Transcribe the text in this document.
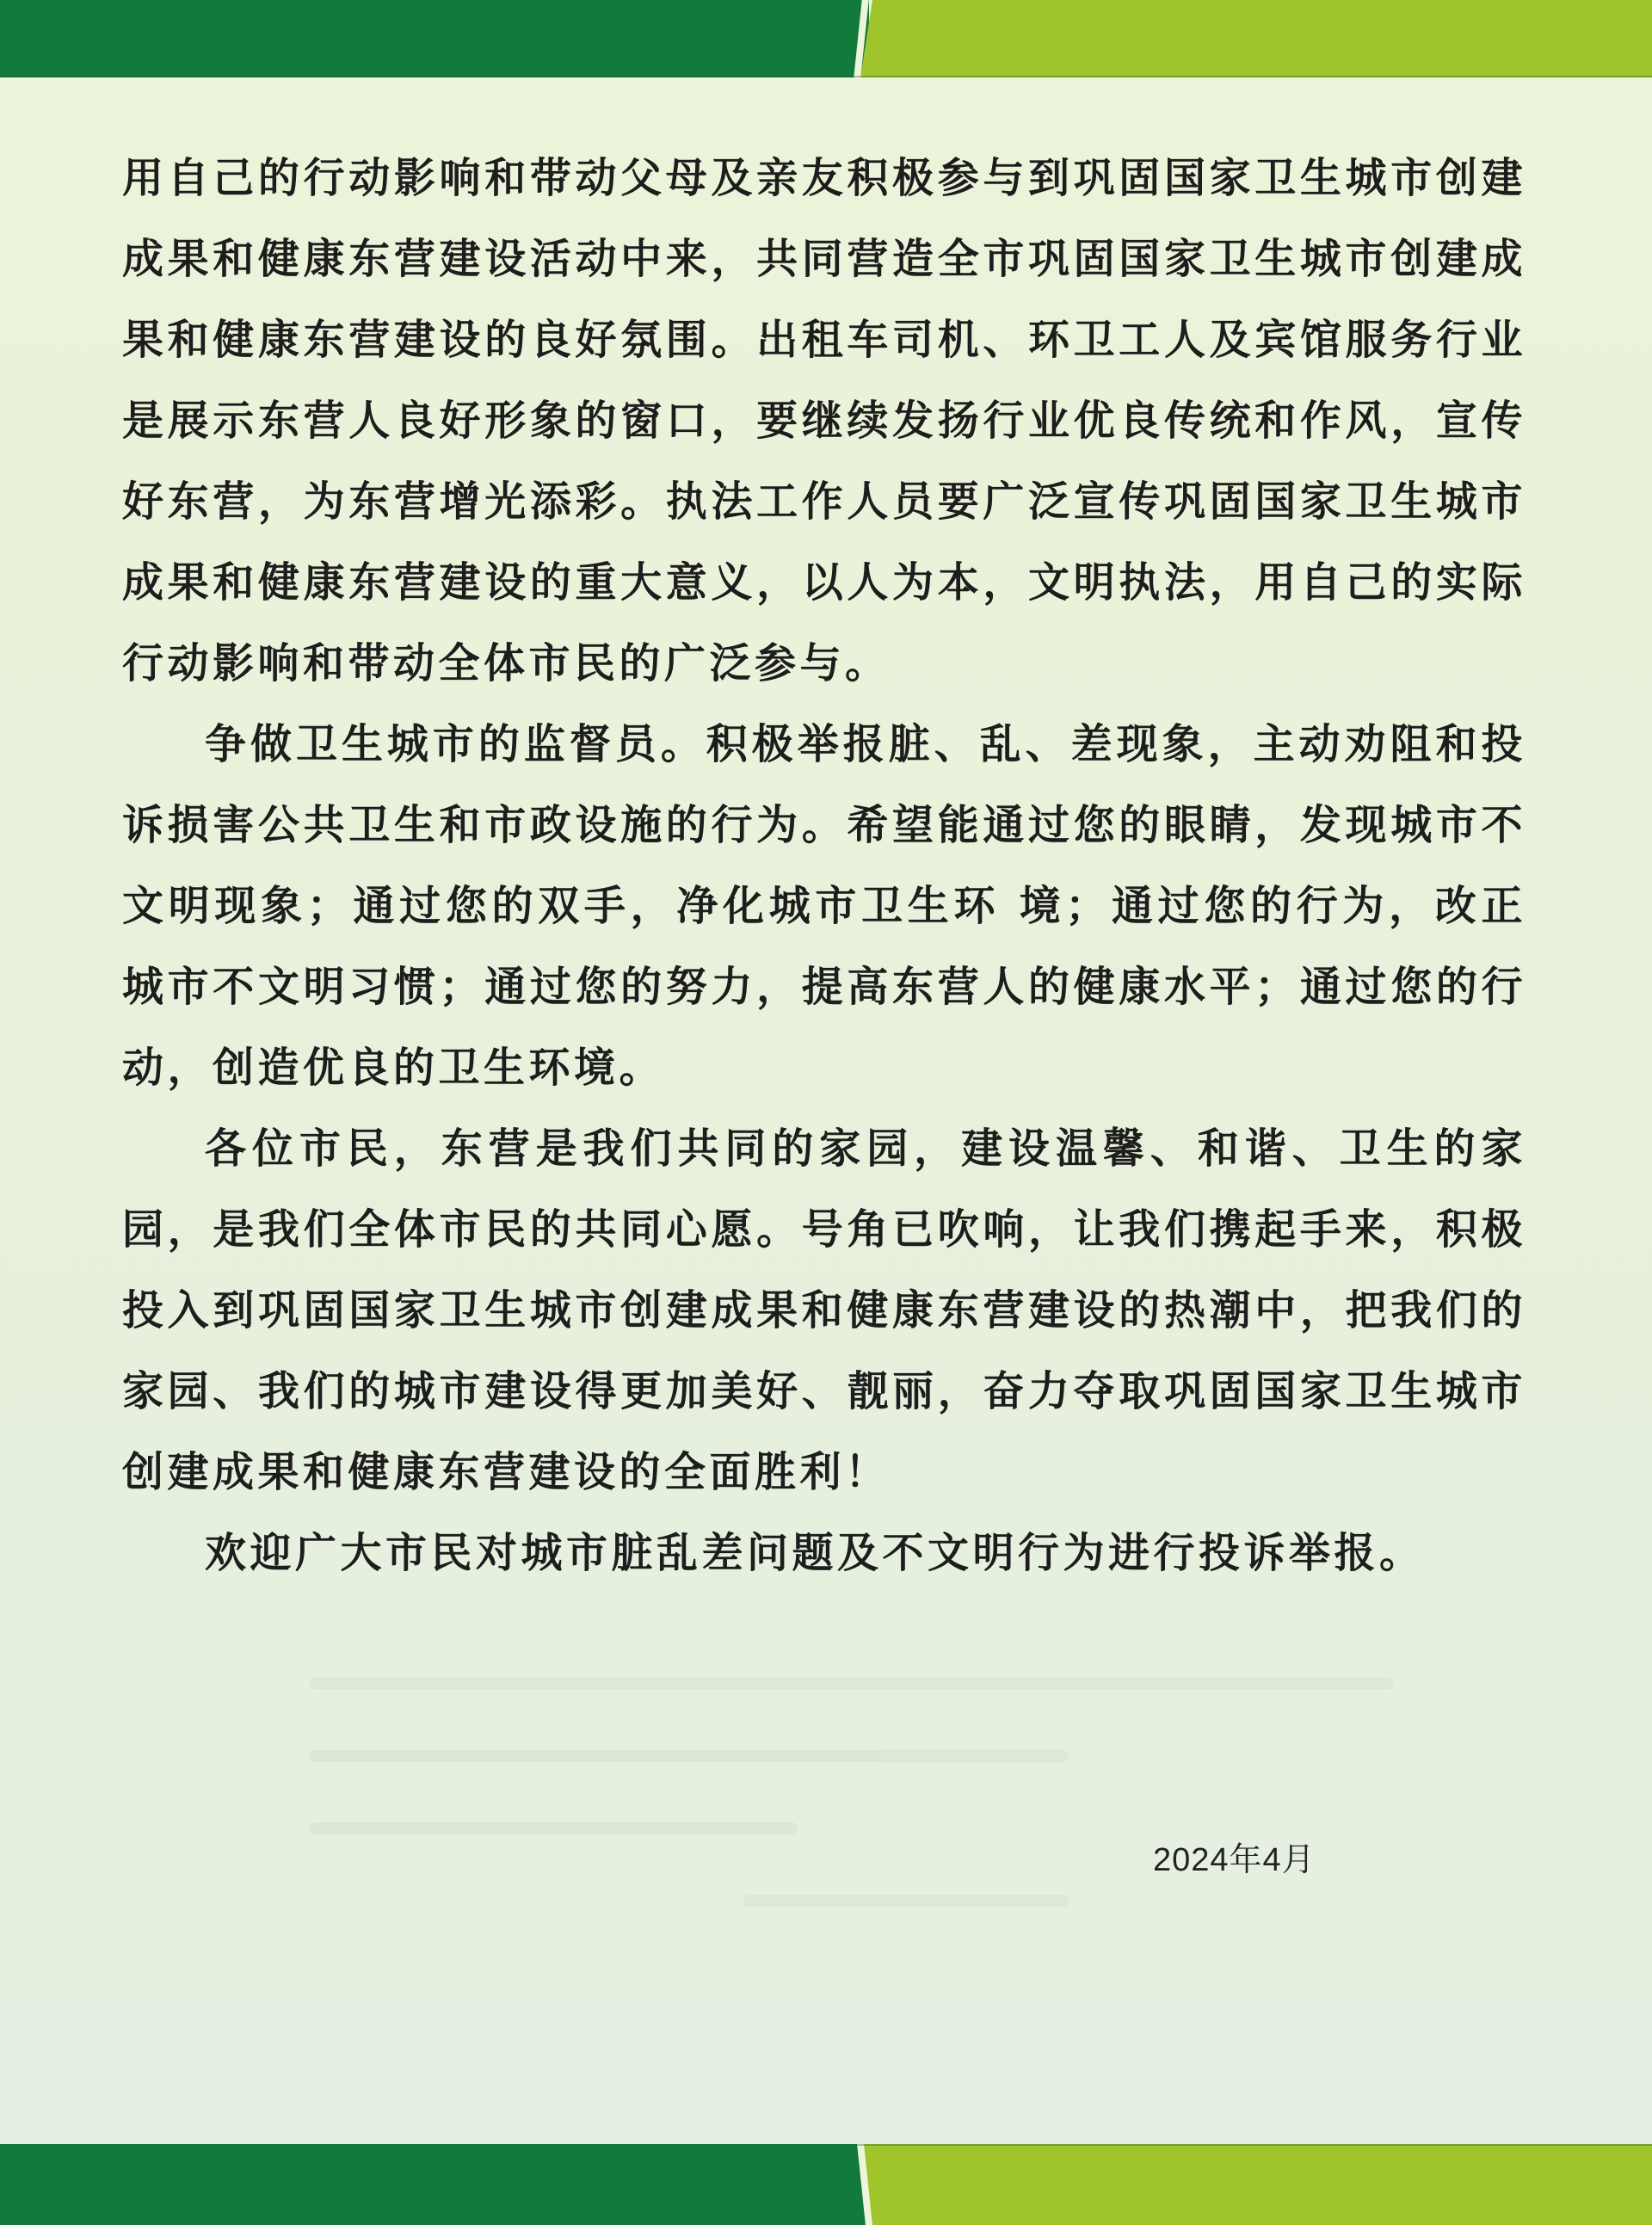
用自己的行动影响和带动父母及亲友积极参与到巩固国家卫生城市创建成果和健康东营建设活动中来，共同营造全市巩固国家卫生城市创建成果和健康东营建设的良好氛围。出租车司机、环卫工人及宾馆服务行业是展示东营人良好形象的窗口，要继续发扬行业优良传统和作风，宣传好东营，为东营增光添彩。执法工作人员要广泛宣传巩固国家卫生城市成果和健康东营建设的重大意义，以人为本，文明执法，用自己的实际行动影响和带动全体市民的广泛参与。

争做卫生城市的监督员。积极举报脏、乱、差现象，主动劝阻和投诉损害公共卫生和市政设施的行为。希望能通过您的眼睛，发现城市不文明现象；通过您的双手，净化城市卫生环 境；通过您的行为，改正城市不文明习惯；通过您的努力，提高东营人的健康水平；通过您的行动，创造优良的卫生环境。

各位市民，东营是我们共同的家园，建设温馨、和谐、卫生的家园，是我们全体市民的共同心愿。号角已吹响，让我们携起手来，积极投入到巩固国家卫生城市创建成果和健康东营建设的热潮中，把我们的家园、我们的城市建设得更加美好、靓丽，奋力夺取巩固国家卫生城市创建成果和健康东营建设的全面胜利！

欢迎广大市民对城市脏乱差问题及不文明行为进行投诉举报。

2024年4月
